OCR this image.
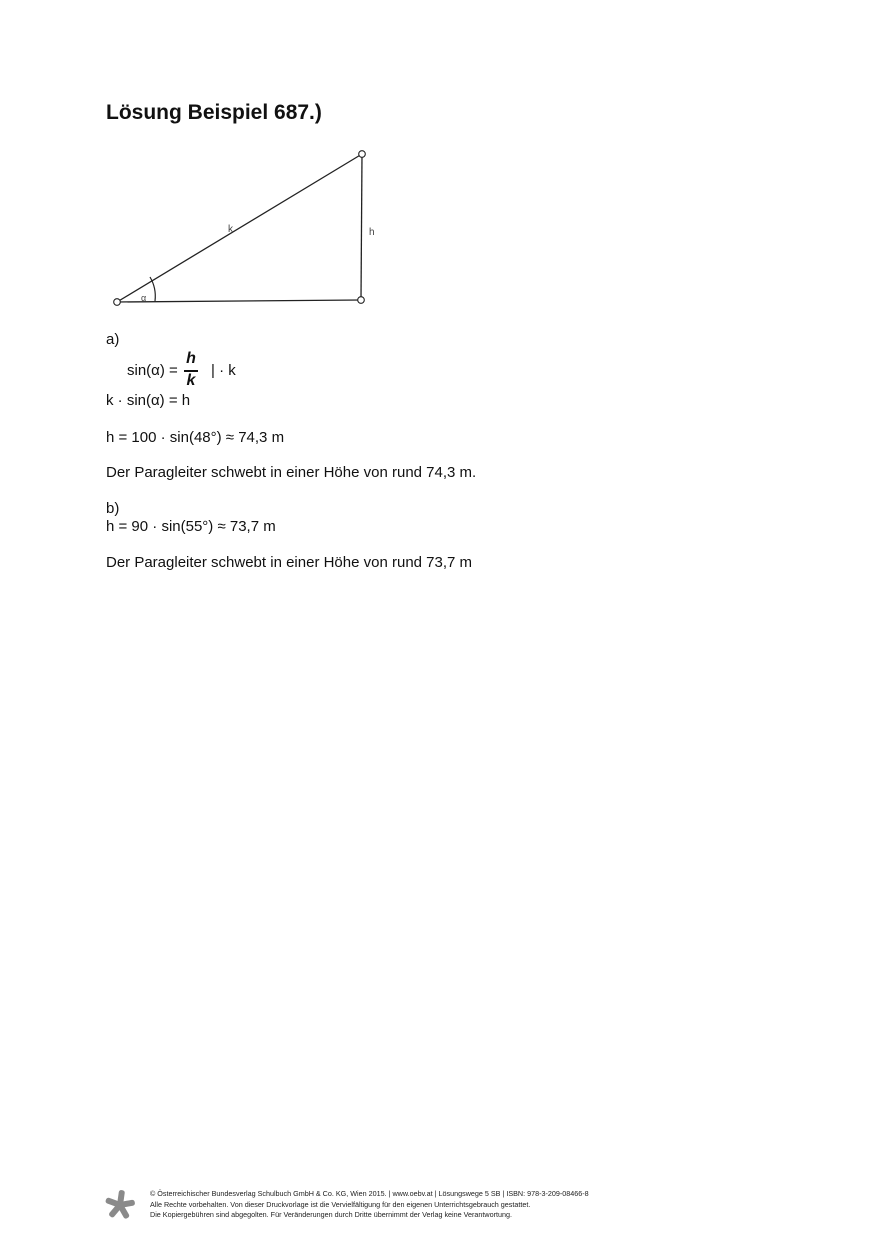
Lösung Beispiel 687.)
k	h
α
a)
sin(α) =
h
k
| · k
k · sin(α) = h
h = 100 · sin(48°) ≈ 74,3 m
Der Paragleiter schwebt in einer Höhe von rund 74,3 m.
b)
h = 90 · sin(55°) ≈ 73,7 m
Der Paragleiter schwebt in einer Höhe von rund 73,7 m
© Österreichischer Bundesverlag Schulbuch GmbH & Co. KG, Wien 2015. | www.oebv.at | Lösungswege 5 SB | ISBN: 978-3-209-08466-8
Alle Rechte vorbehalten. Von dieser Druckvorlage ist die Vervielfältigung für den eigenen Unterrichtsgebrauch gestattet.
Die Kopiergebühren sind abgegolten. Für Veränderungen durch Dritte übernimmt der Verlag keine Verantwortung.
